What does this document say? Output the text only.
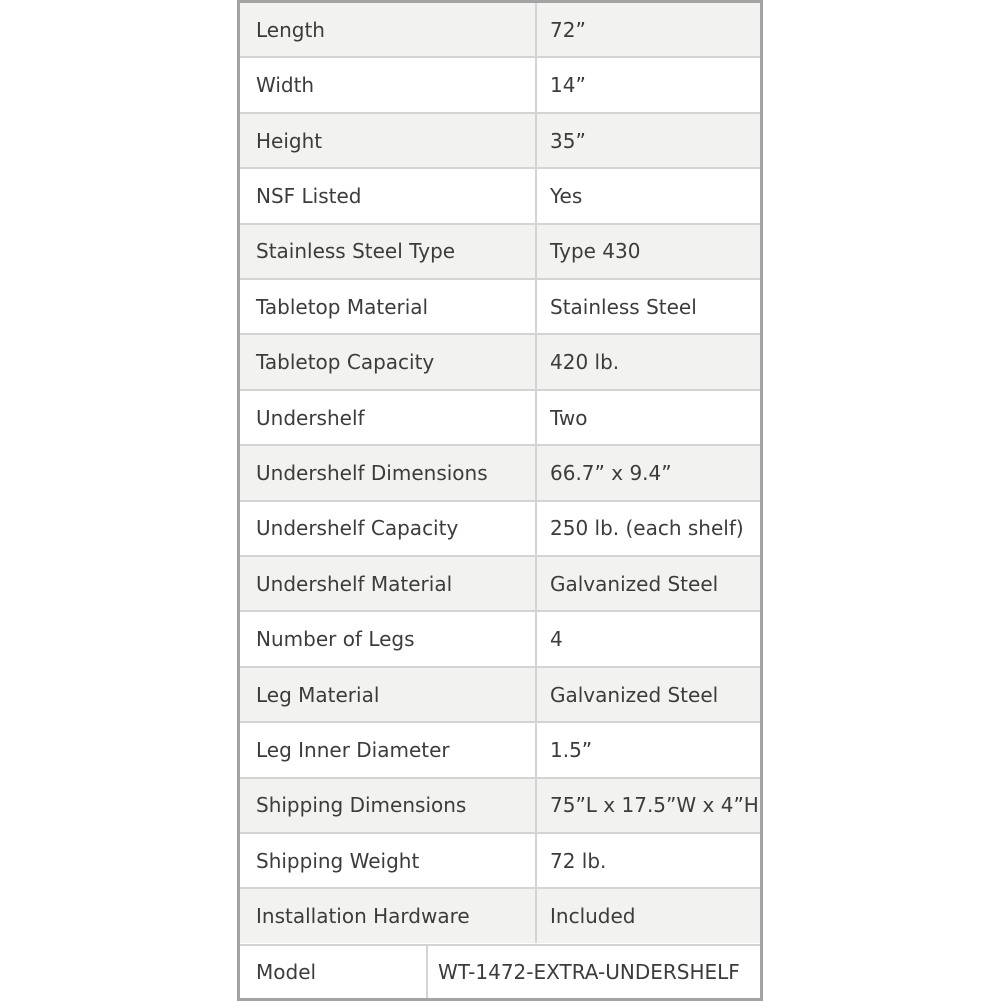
Length	72”
Width	14”
Height	35”
NSF Listed	Yes
Stainless Steel Type	Type 430
Tabletop Material	Stainless Steel
Tabletop Capacity	420 lb.
Undershelf	Two
Undershelf Dimensions	66.7” x 9.4”
Undershelf Capacity	250 lb. (each shelf)
Undershelf Material	Galvanized Steel
Number of Legs	4
Leg Material	Galvanized Steel
Leg Inner Diameter	1.5”
Shipping Dimensions	75”L x 17.5”W x 4”H
Shipping Weight	72 lb.
Installation Hardware	Included
Model	WT-1472-EXTRA-UNDERSHELF
